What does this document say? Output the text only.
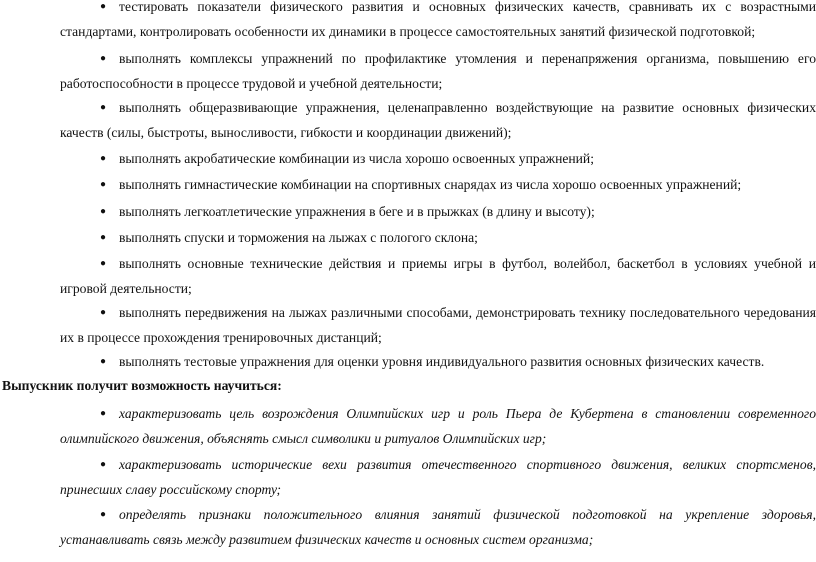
● тестировать показатели физического развития и основных физических качеств, сравнивать их с возрастными стандартами, контролировать особенности их динамики в процессе самостоятельных занятий физической подготовкой;
● выполнять комплексы упражнений по профилактике утомления и перенапряжения организма, повышению его работоспособности в процессе трудовой и учебной деятельности;
● выполнять общеразвивающие упражнения, целенаправленно воздействующие на развитие основных физических качеств (силы, быстроты, выносливости, гибкости и координации движений);
● выполнять акробатические комбинации из числа хорошо освоенных упражнений;
● выполнять гимнастические комбинации на спортивных снарядах из числа хорошо освоенных упражнений;
● выполнять легкоатлетические упражнения в беге и в прыжках (в длину и высоту);
● выполнять спуски и торможения на лыжах с пологого склона;
● выполнять основные технические действия и приемы игры в футбол, волейбол, баскетбол в условиях учебной и игровой деятельности;
● выполнять передвижения на лыжах различными способами, демонстрировать технику последовательного чередования их в процессе прохождения тренировочных дистанций;
● выполнять тестовые упражнения для оценки уровня индивидуального развития основных физических качеств.
Выпускник получит возможность научиться:
● характеризовать цель возрождения Олимпийских игр и роль Пьера де Кубертена в становлении современного олимпийского движения, объяснять смысл символики и ритуалов Олимпийских игр;
● характеризовать исторические вехи развития отечественного спортивного движения, великих спортсменов, принесших славу российскому спорту;
● определять признаки положительного влияния занятий физической подготовкой на укрепление здоровья, устанавливать связь между развитием физических качеств и основных систем организма;
